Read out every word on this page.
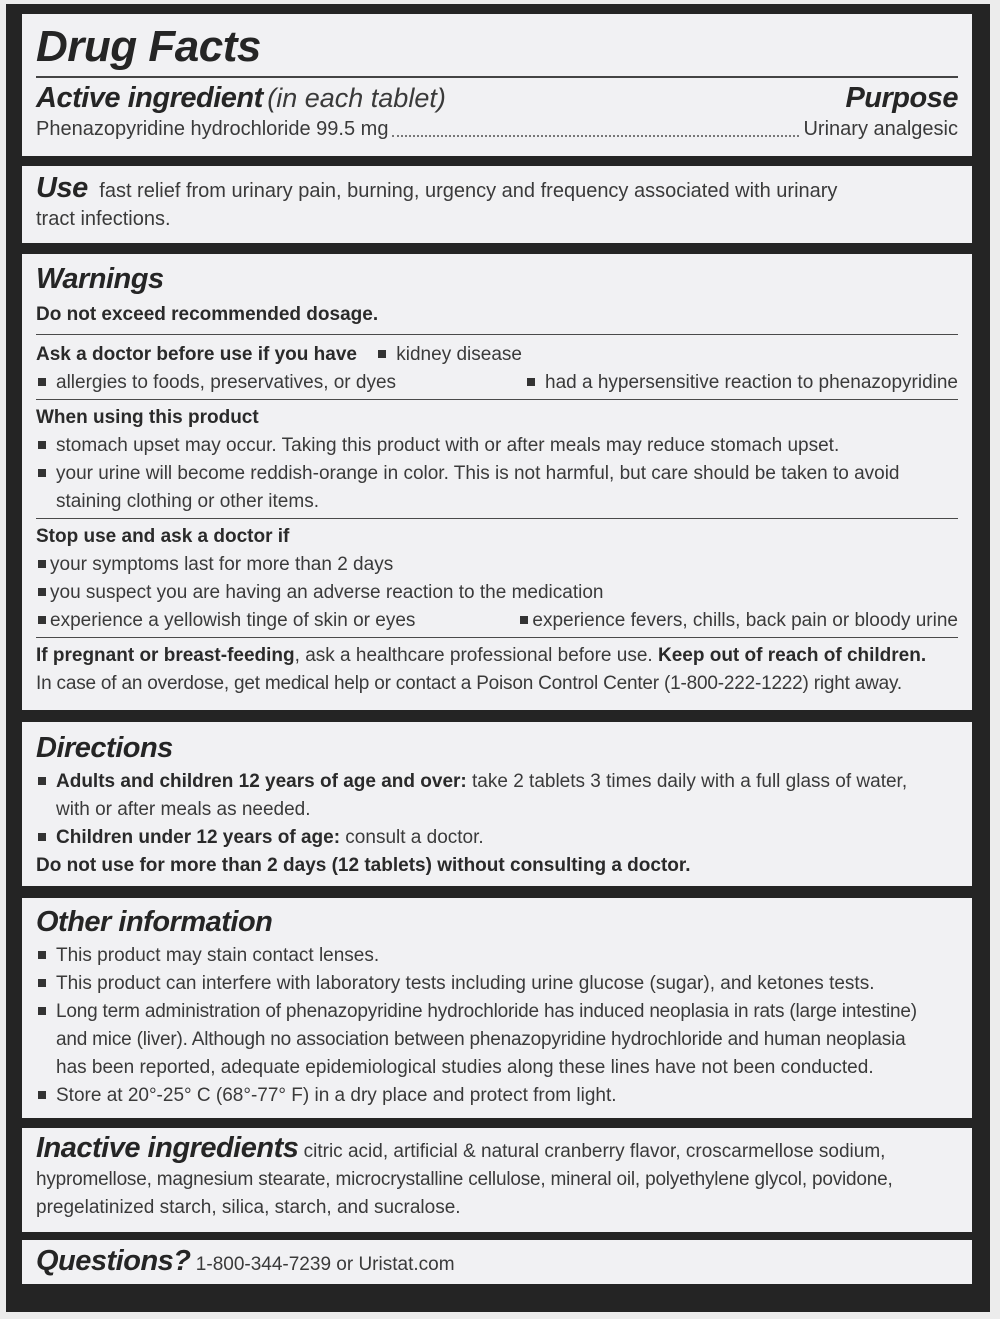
Drug Facts
Active ingredient (in each tablet)	Purpose
Phenazopyridine hydrochloride 99.5 mg	Urinary analgesic
Use fast relief from urinary pain, burning, urgency and frequency associated with urinary
tract infections.
Warnings
Do not exceed recommended dosage.
Ask a doctor before use if you have kidney disease
allergies to foods, preservatives, or dyes	had a hypersensitive reaction to phenazopyridine
When using this product
stomach upset may occur. Taking this product with or after meals may reduce stomach upset.
your urine will become reddish-orange in color. This is not harmful, but care should be taken to avoid
staining clothing or other items.
Stop use and ask a doctor if
your symptoms last for more than 2 days
you suspect you are having an adverse reaction to the medication
experience a yellowish tinge of skin or eyes	experience fevers, chills, back pain or bloody urine
If pregnant or breast-feeding, ask a healthcare professional before use. Keep out of reach of children.
In case of an overdose, get medical help or contact a Poison Control Center (1-800-222-1222) right away.
Directions
Adults and children 12 years of age and over: take 2 tablets 3 times daily with a full glass of water,
with or after meals as needed.
Children under 12 years of age: consult a doctor.
Do not use for more than 2 days (12 tablets) without consulting a doctor.
Other information
This product may stain contact lenses.
This product can interfere with laboratory tests including urine glucose (sugar), and ketones tests.
Long term administration of phenazopyridine hydrochloride has induced neoplasia in rats (large intestine)
and mice (liver). Although no association between phenazopyridine hydrochloride and human neoplasia
has been reported, adequate epidemiological studies along these lines have not been conducted.
Store at 20°-25° C (68°-77° F) in a dry place and protect from light.
Inactive ingredients citric acid, artificial & natural cranberry flavor, croscarmellose sodium,
hypromellose, magnesium stearate, microcrystalline cellulose, mineral oil, polyethylene glycol, povidone,
pregelatinized starch, silica, starch, and sucralose.
Questions? 1-800-344-7239 or Uristat.com
